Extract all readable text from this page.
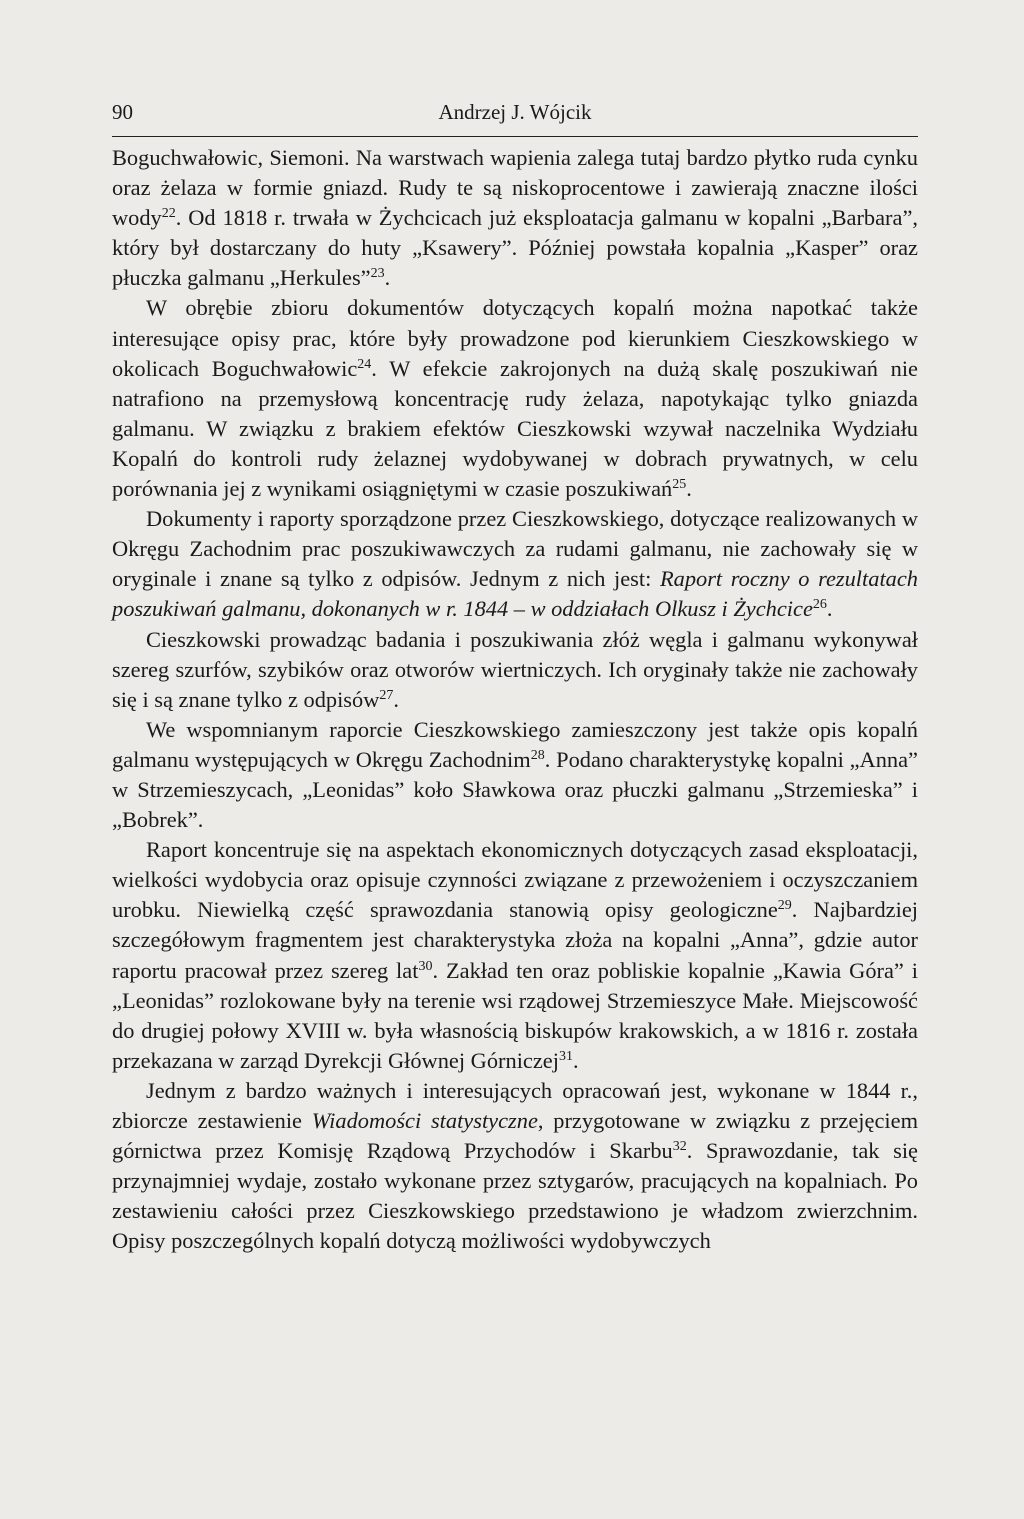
90	Andrzej J. Wójcik

Boguchwałowic, Siemoni. Na warstwach wapienia zalega tutaj bardzo płytko ruda cynku oraz żelaza w formie gniazd. Rudy te są niskoprocentowe i zawierają znaczne ilości wody$^{22}$. Od 1818 r. trwała w Żychcicach już eksploatacja galmanu w kopalni „Barbara”, który był dostarczany do huty „Ksawery”. Później powstała kopalnia „Kasper” oraz płuczka galmanu „Herkules”$^{23}$.

W obrębie zbioru dokumentów dotyczących kopalń można napotkać także interesujące opisy prac, które były prowadzone pod kierunkiem Cieszkowskiego w okolicach Boguchwałowic$^{24}$. W efekcie zakrojonych na dużą skalę poszukiwań nie natrafiono na przemysłową koncentrację rudy żelaza, napotykając tylko gniazda galmanu. W związku z brakiem efektów Cieszkowski wzywał naczelnika Wydziału Kopalń do kontroli rudy żelaznej wydobywanej w dobrach prywatnych, w celu porównania jej z wynikami osiągniętymi w czasie poszukiwań$^{25}$.

Dokumenty i raporty sporządzone przez Cieszkowskiego, dotyczące realizowanych w Okręgu Zachodnim prac poszukiwawczych za rudami galmanu, nie zachowały się w oryginale i znane są tylko z odpisów. Jednym z nich jest: Raport roczny o rezultatach poszukiwań galmanu, dokonanych w r. 1844 – w oddziałach Olkusz i Żychcice$^{26}$.

Cieszkowski prowadząc badania i poszukiwania złóż węgla i galmanu wykonywał szereg szurfów, szybików oraz otworów wiertniczych. Ich oryginały także nie zachowały się i są znane tylko z odpisów$^{27}$.

We wspomnianym raporcie Cieszkowskiego zamieszczony jest także opis kopalń galmanu występujących w Okręgu Zachodnim$^{28}$. Podano charakterystykę kopalni „Anna” w Strzemieszycach, „Leonidas” koło Sławkowa oraz płuczki galmanu „Strzemieska” i „Bobrek”.

Raport koncentruje się na aspektach ekonomicznych dotyczących zasad eksploatacji, wielkości wydobycia oraz opisuje czynności związane z przewożeniem i oczyszczaniem urobku. Niewielką część sprawozdania stanowią opisy geologiczne$^{29}$. Najbardziej szczegółowym fragmentem jest charakterystyka złoża na kopalni „Anna”, gdzie autor raportu pracował przez szereg lat$^{30}$. Zakład ten oraz pobliskie kopalnie „Kawia Góra” i „Leonidas” rozlokowane były na terenie wsi rządowej Strzemieszyce Małe. Miejscowość do drugiej połowy XVIII w. była własnością biskupów krakowskich, a w 1816 r. została przekazana w zarząd Dyrekcji Głównej Górniczej$^{31}$.

Jednym z bardzo ważnych i interesujących opracowań jest, wykonane w 1844 r., zbiorcze zestawienie Wiadomości statystyczne, przygotowane w związku z przejęciem górnictwa przez Komisję Rządową Przychodów i Skarbu$^{32}$. Sprawozdanie, tak się przynajmniej wydaje, zostało wykonane przez sztygarów, pracujących na kopalniach. Po zestawieniu całości przez Cieszkowskiego przedstawiono je władzom zwierzchnim. Opisy poszczególnych kopalń dotyczą możliwości wydobywczych
